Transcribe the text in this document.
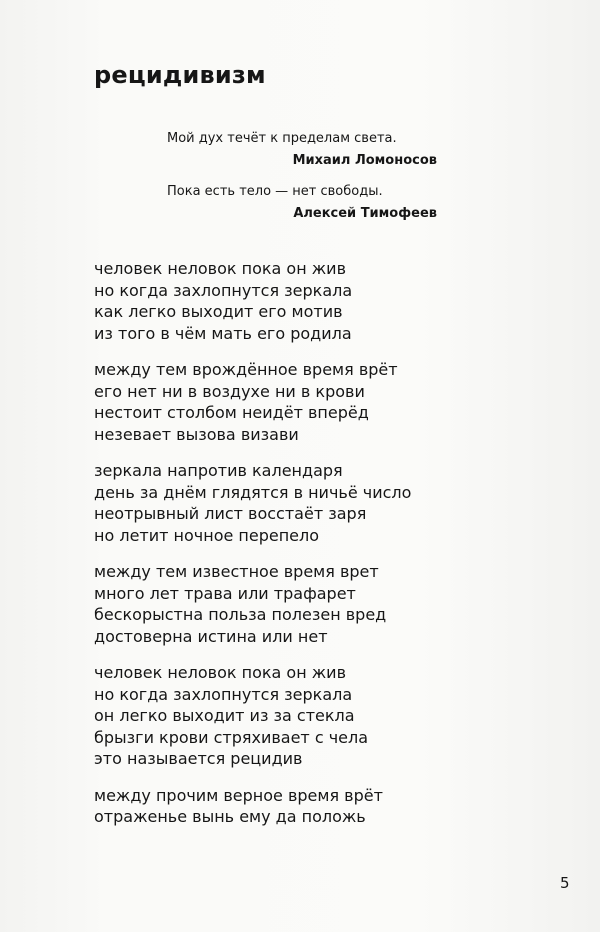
рецидивизм
Мой дух течёт к пределам света.
Михаил Ломоносов
Пока есть тело — нет свободы.
Алексей Тимофеев
человек неловок пока он жив
но когда захлопнутся зеркала
как легко выходит его мотив
из того в чём мать его родила
между тем врождённое время врёт
его нет ни в воздухе ни в крови
нестоит столбом неидёт вперёд
незевает вызова визави
зеркала напротив календаря
день за днём глядятся в ничьё число
неотрывный лист восстаёт заря
но летит ночное перепело
между тем известное время врет
много лет трава или трафарет
бескорыстна польза полезен вред
достоверна истина или нет
человек неловок пока он жив
но когда захлопнутся зеркала
он легко выходит из за стекла
брызги крови стряхивает с чела
это называется рецидив
между прочим верное время врёт
отраженье вынь ему да положь
5
